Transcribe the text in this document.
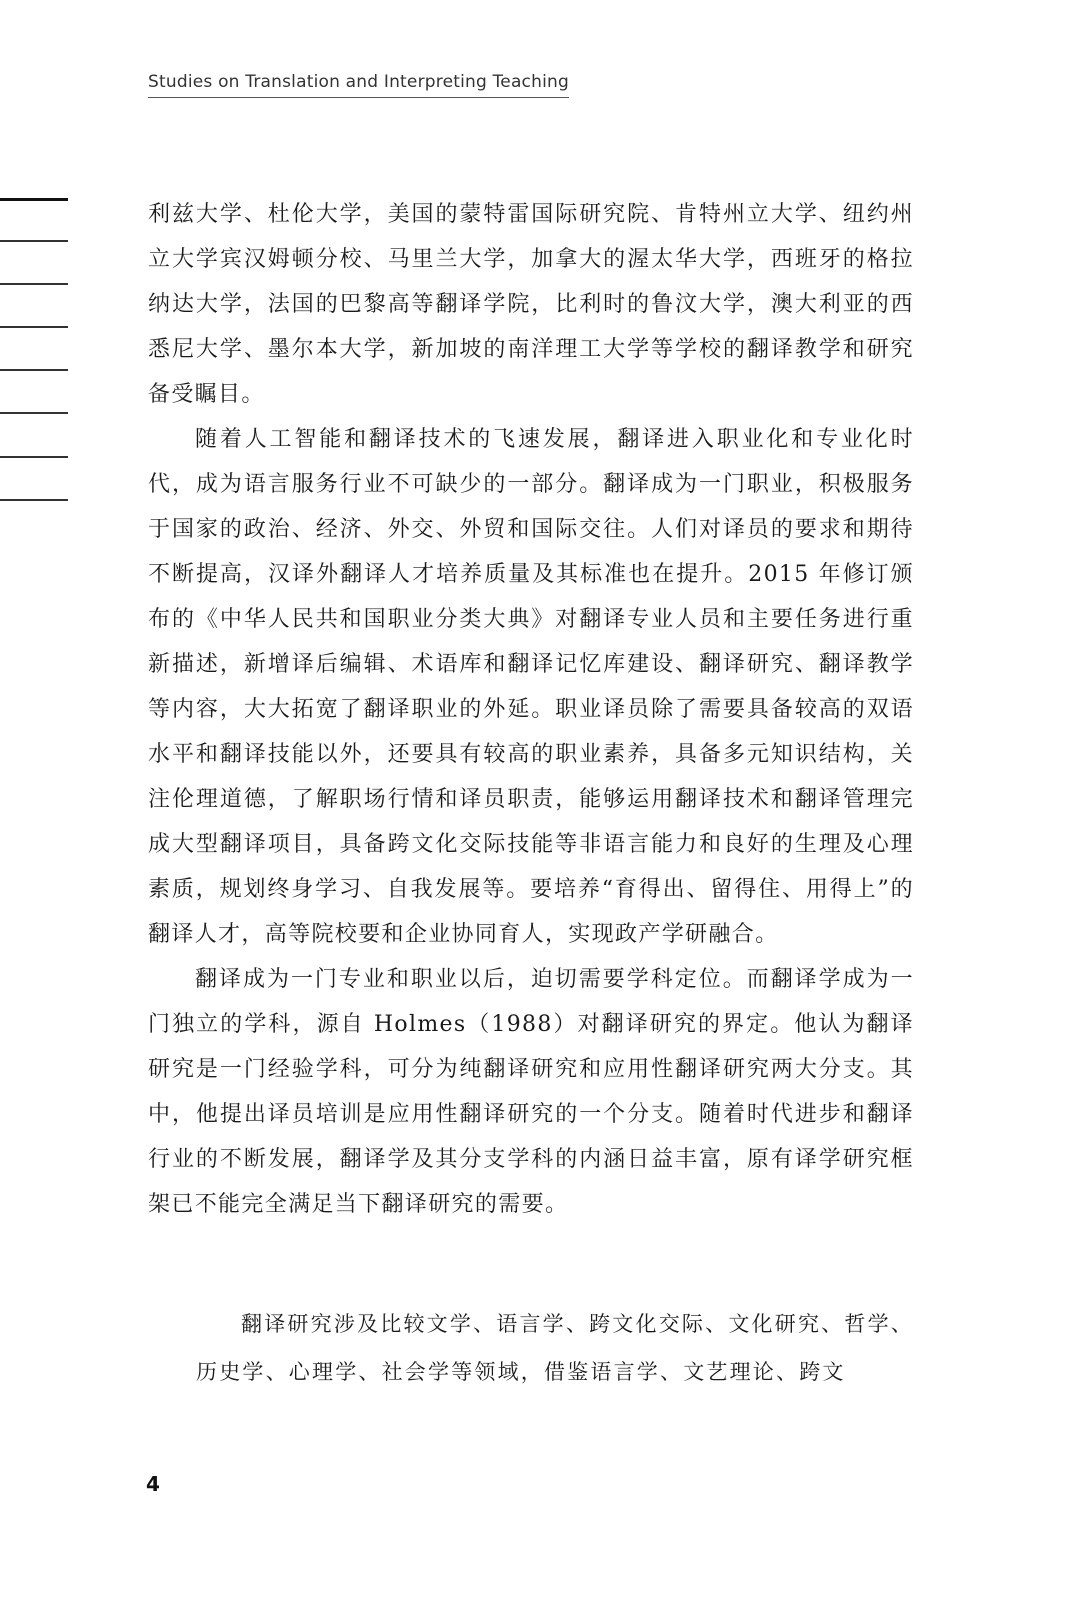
Studies on Translation and Interpreting Teaching

利兹大学、杜伦大学，美国的蒙特雷国际研究院、肯特州立大学、纽约州立大学宾汉姆顿分校、马里兰大学，加拿大的渥太华大学，西班牙的格拉纳达大学，法国的巴黎高等翻译学院，比利时的鲁汶大学，澳大利亚的西悉尼大学、墨尔本大学，新加坡的南洋理工大学等学校的翻译教学和研究备受瞩目。

随着人工智能和翻译技术的飞速发展，翻译进入职业化和专业化时代，成为语言服务行业不可缺少的一部分。翻译成为一门职业，积极服务于国家的政治、经济、外交、外贸和国际交往。人们对译员的要求和期待不断提高，汉译外翻译人才培养质量及其标准也在提升。2015 年修订颁布的《中华人民共和国职业分类大典》对翻译专业人员和主要任务进行重新描述，新增译后编辑、术语库和翻译记忆库建设、翻译研究、翻译教学等内容，大大拓宽了翻译职业的外延。职业译员除了需要具备较高的双语水平和翻译技能以外，还要具有较高的职业素养，具备多元知识结构，关注伦理道德，了解职场行情和译员职责，能够运用翻译技术和翻译管理完成大型翻译项目，具备跨文化交际技能等非语言能力和良好的生理及心理素质，规划终身学习、自我发展等。要培养“育得出、留得住、用得上”的翻译人才，高等院校要和企业协同育人，实现政产学研融合。

翻译成为一门专业和职业以后，迫切需要学科定位。而翻译学成为一门独立的学科，源自 Holmes（1988）对翻译研究的界定。他认为翻译研究是一门经验学科，可分为纯翻译研究和应用性翻译研究两大分支。其中，他提出译员培训是应用性翻译研究的一个分支。随着时代进步和翻译行业的不断发展，翻译学及其分支学科的内涵日益丰富，原有译学研究框架已不能完全满足当下翻译研究的需要。

翻译研究涉及比较文学、语言学、跨文化交际、文化研究、哲学、历史学、心理学、社会学等领域，借鉴语言学、文艺理论、跨文

4
